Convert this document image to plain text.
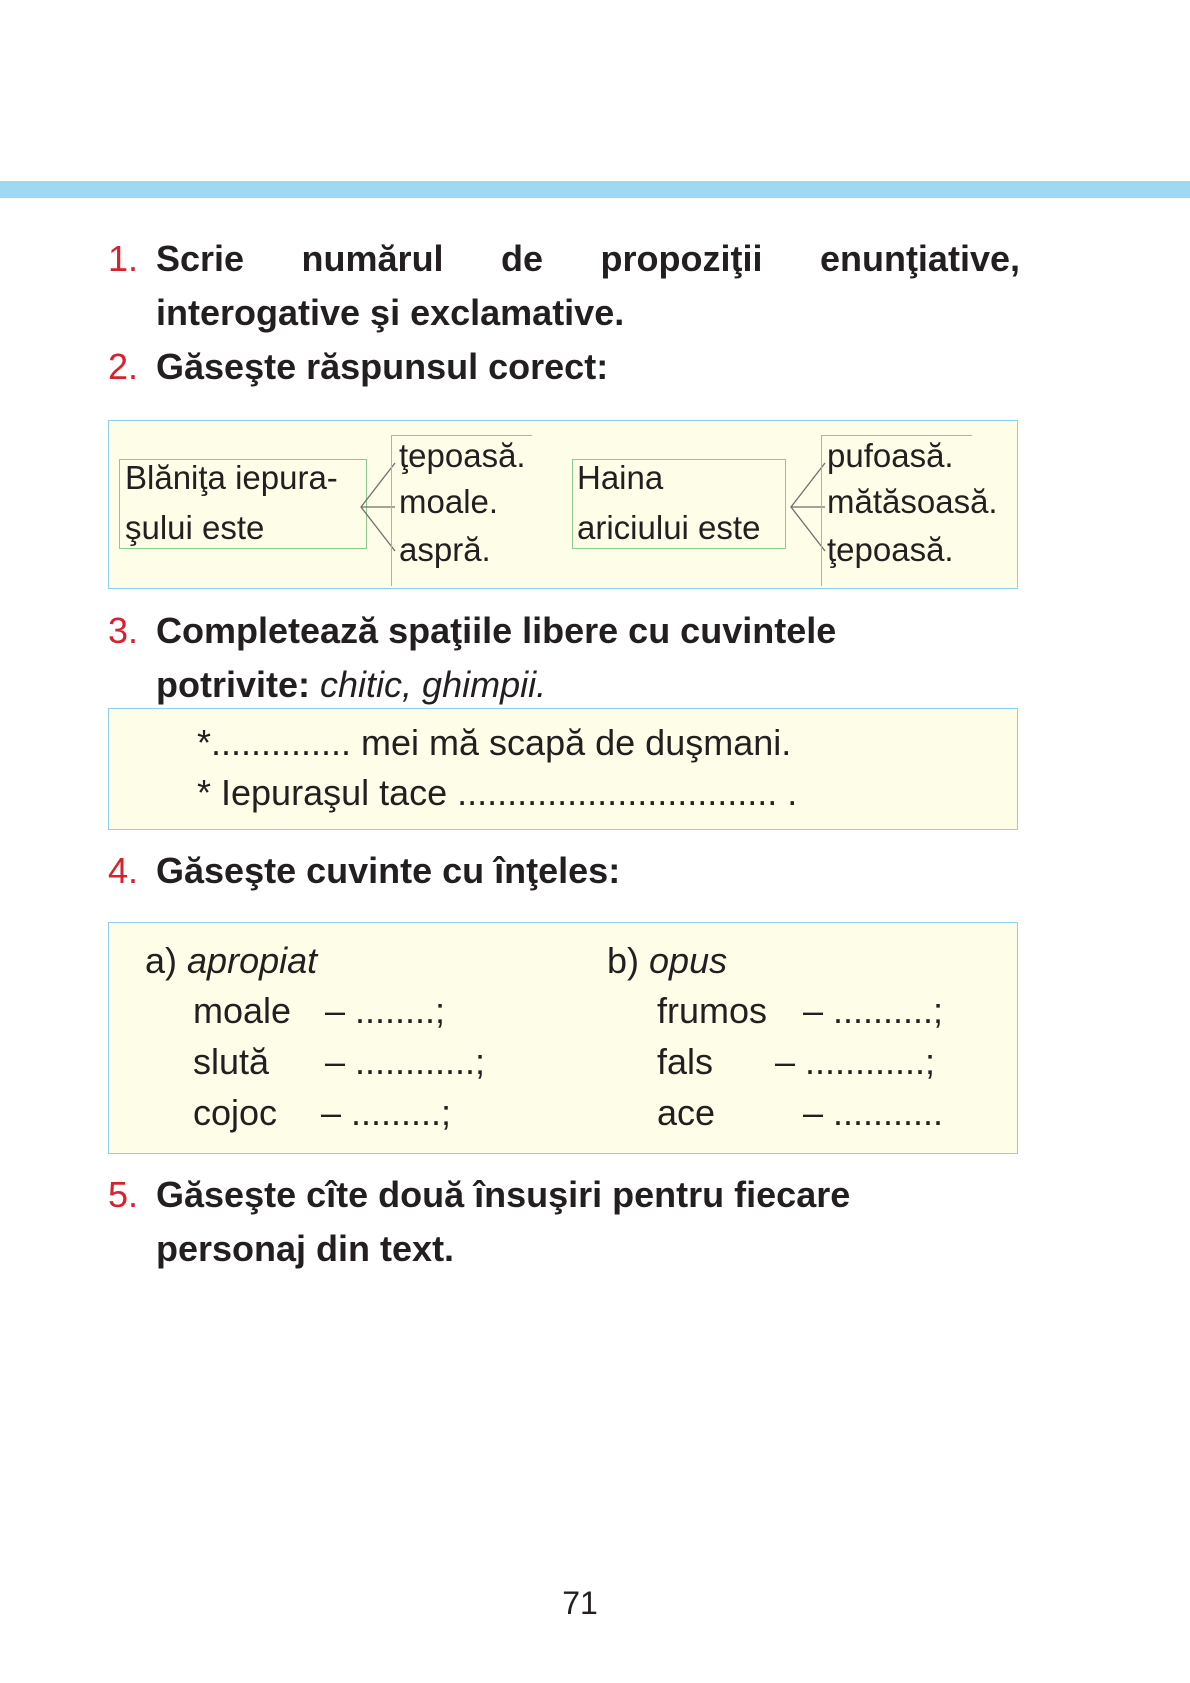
1. Scrie numărul de propoziţii enunţiative,
interogative şi exclamative.
2. Găseşte răspunsul corect:
Blăniţa iepura-
şului este
ţepoasă.
moale.
aspră.
Haina
ariciului este
pufoasă.
mătăsoasă.
ţepoasă.
3. Completează spaţiile libere cu cuvintele
potrivite: chitic, ghimpii.
*.............. mei mă scapă de duşmani.
* Iepuraşul tace ................................ .
4. Găseşte cuvinte cu înţeles:
a) apropiat
moale – ........;
slută – ............;
cojoc – .........;
b) opus
frumos – ..........;
fals – ............;
ace – ...........
5. Găseşte cîte două însuşiri pentru fiecare
personaj din text.
71
